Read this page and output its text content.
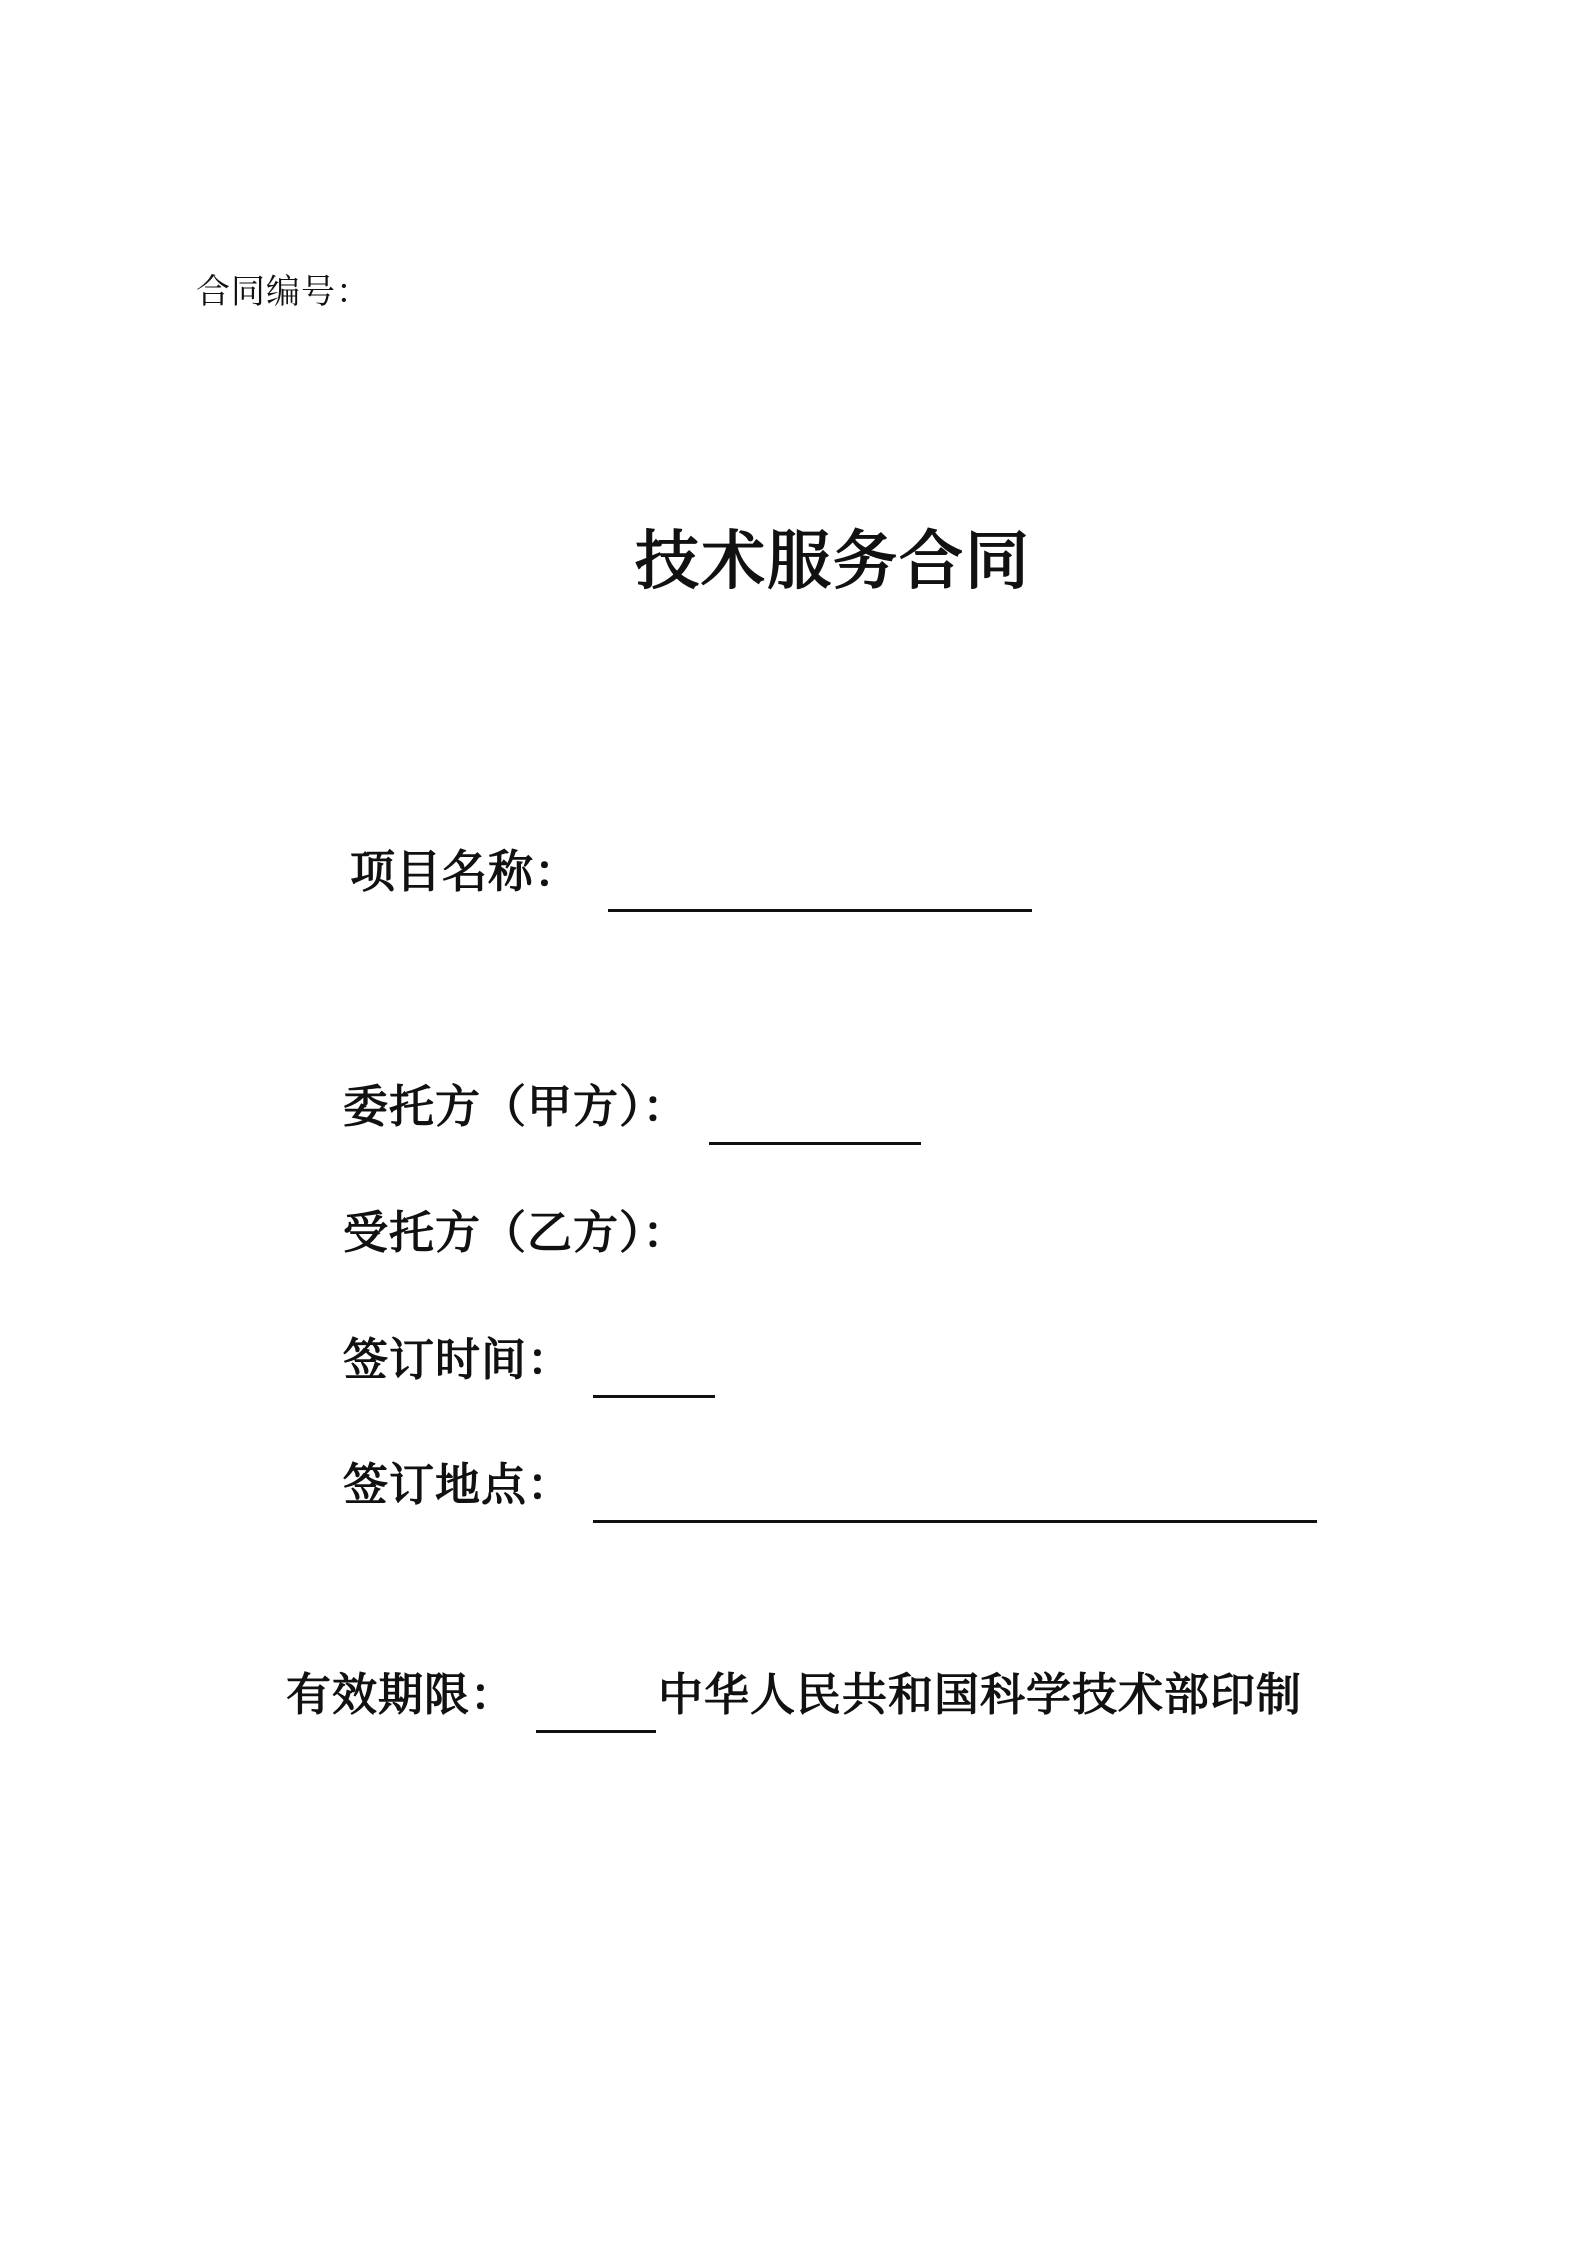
合同编号：
技术服务合同
项目名称：
委托方（甲方）：
受托方（乙方）：
签订时间：
签订地点：
有效期限：	中华人民共和国科学技术部印制
